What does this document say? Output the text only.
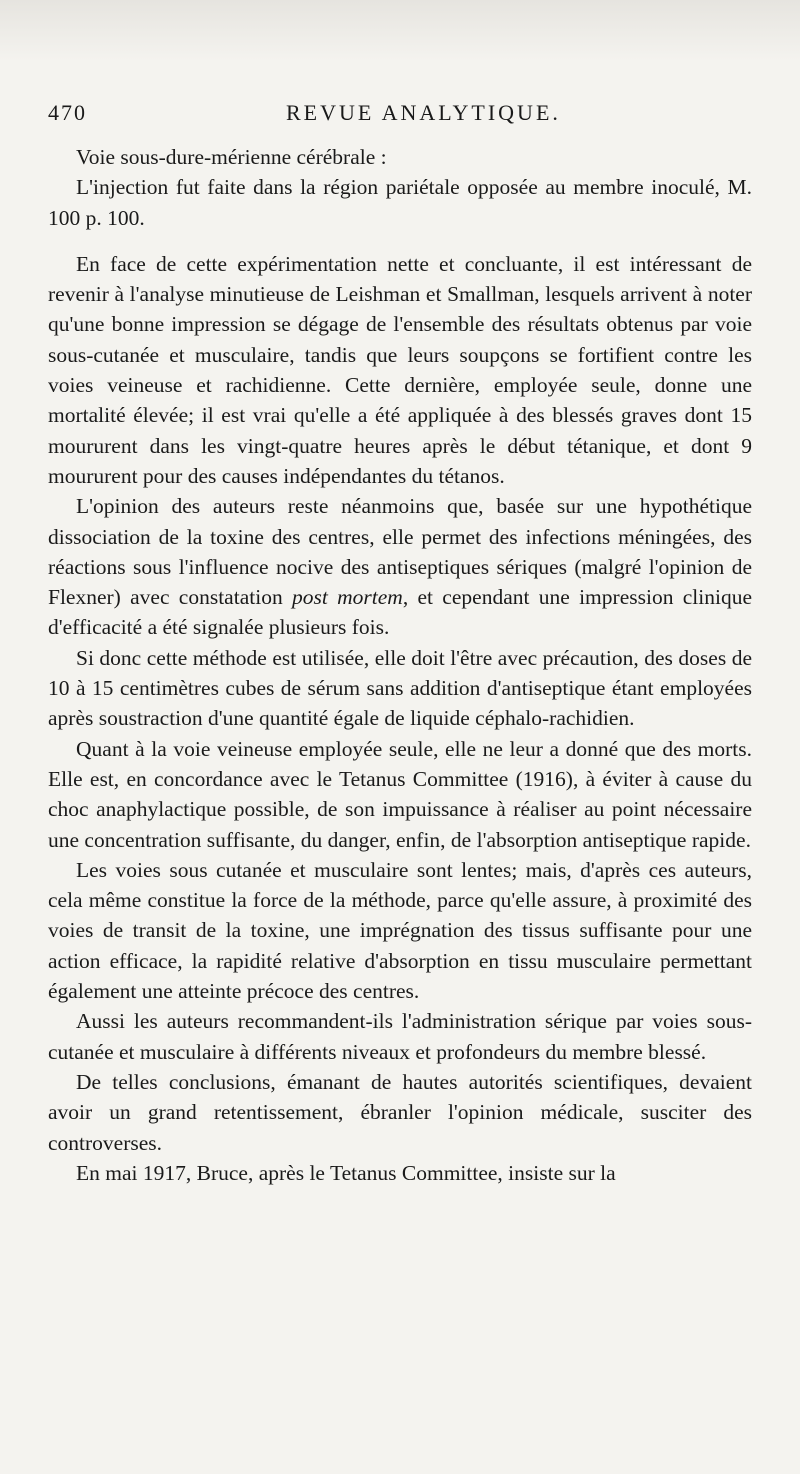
470	REVUE ANALYTIQUE.

Voie sous-dure-mérienne cérébrale :

L'injection fut faite dans la région pariétale opposée au membre inoculé, M. 100 p. 100.

En face de cette expérimentation nette et concluante, il est intéressant de revenir à l'analyse minutieuse de Leishman et Smallman, lesquels arrivent à noter qu'une bonne impression se dégage de l'ensemble des résultats obtenus par voie sous-cutanée et musculaire, tandis que leurs soupçons se fortifient contre les voies veineuse et rachidienne. Cette dernière, employée seule, donne une mortalité élevée; il est vrai qu'elle a été appliquée à des blessés graves dont 15 moururent dans les vingt-quatre heures après le début tétanique, et dont 9 moururent pour des causes indépendantes du tétanos.

L'opinion des auteurs reste néanmoins que, basée sur une hypothétique dissociation de la toxine des centres, elle permet des infections méningées, des réactions sous l'influence nocive des antiseptiques sériques (malgré l'opinion de Flexner) avec constatation post mortem, et cependant une impression clinique d'efficacité a été signalée plusieurs fois.

Si donc cette méthode est utilisée, elle doit l'être avec précaution, des doses de 10 à 15 centimètres cubes de sérum sans addition d'antiseptique étant employées après soustraction d'une quantité égale de liquide céphalo-rachidien.

Quant à la voie veineuse employée seule, elle ne leur a donné que des morts. Elle est, en concordance avec le Tetanus Committee (1916), à éviter à cause du choc anaphylactique possible, de son impuissance à réaliser au point nécessaire une concentration suffisante, du danger, enfin, de l'absorption antiseptique rapide.

Les voies sous cutanée et musculaire sont lentes; mais, d'après ces auteurs, cela même constitue la force de la méthode, parce qu'elle assure, à proximité des voies de transit de la toxine, une imprégnation des tissus suffisante pour une action efficace, la rapidité relative d'absorption en tissu musculaire permettant également une atteinte précoce des centres.

Aussi les auteurs recommandent-ils l'administration sérique par voies sous-cutanée et musculaire à différents niveaux et profondeurs du membre blessé.

De telles conclusions, émanant de hautes autorités scientifiques, devaient avoir un grand retentissement, ébranler l'opinion médicale, susciter des controverses.

En mai 1917, Bruce, après le Tetanus Committee, insiste sur la
